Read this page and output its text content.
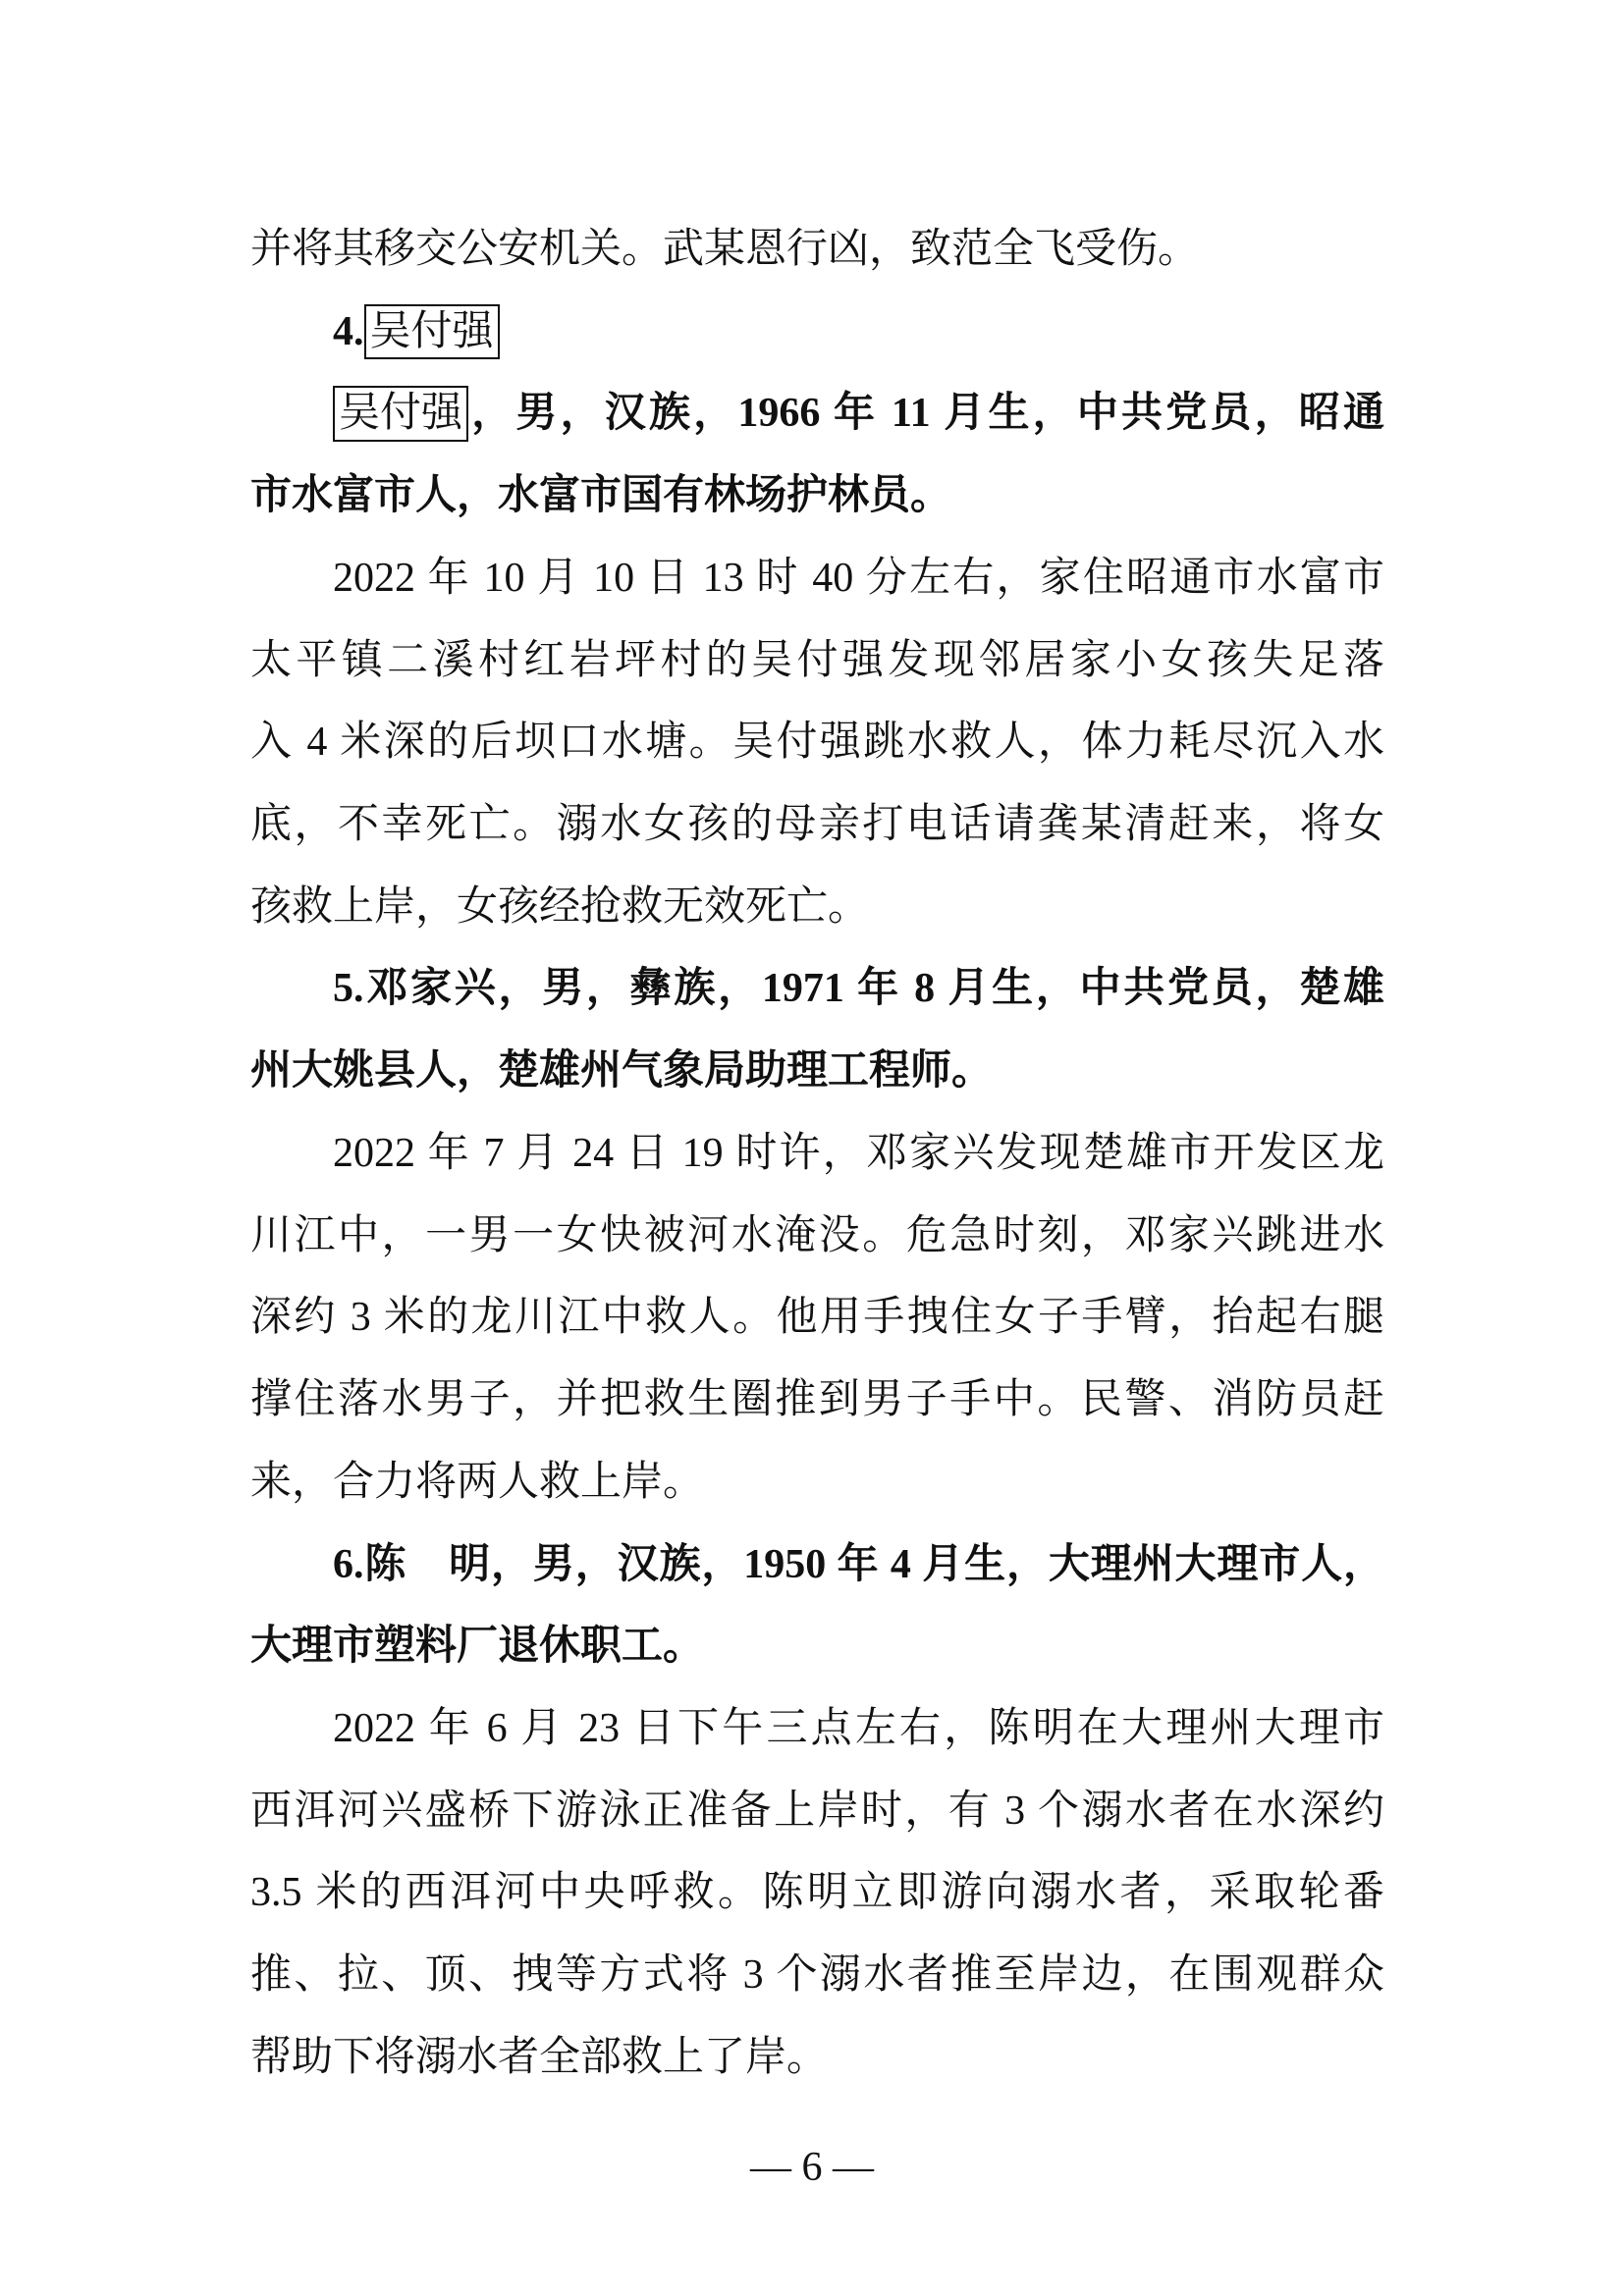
并将其移交公安机关。武某恩行凶，致范全飞受伤。
4. 吴付强
吴付强 ，男，汉族，1966 年 11 月生，中共党员，昭通
市水富市人，水富市国有林场护林员。
2022 年 10 月 10 日 13 时 40 分左右，家住昭通市水富市
太平镇二溪村红岩坪村的吴付强发现邻居家小女孩失足落
入 4 米深的后坝口水塘。吴付强跳水救人，体力耗尽沉入水
底，不幸死亡。溺水女孩的母亲打电话请龚某清赶来，将女
孩救上岸，女孩经抢救无效死亡。
5.邓家兴，男，彝族，1971 年 8 月生，中共党员，楚雄
州大姚县人，楚雄州气象局助理工程师。
2022 年 7 月 24 日 19 时许，邓家兴发现楚雄市开发区龙
川江中，一男一女快被河水淹没。危急时刻，邓家兴跳进水
深约 3 米的龙川江中救人。他用手拽住女子手臂，抬起右腿
撑住落水男子，并把救生圈推到男子手中。民警、消防员赶
来，合力将两人救上岸。
6.陈　明，男，汉族，1950 年 4 月生，大理州大理市人，
大理市塑料厂退休职工。
2022 年 6 月 23 日下午三点左右，陈明在大理州大理市
西洱河兴盛桥下游泳正准备上岸时，有 3 个溺水者在水深约
3.5 米的西洱河中央呼救。陈明立即游向溺水者，采取轮番
推、拉、顶、拽等方式将 3 个溺水者推至岸边，在围观群众
帮助下将溺水者全部救上了岸。
— 6 —
